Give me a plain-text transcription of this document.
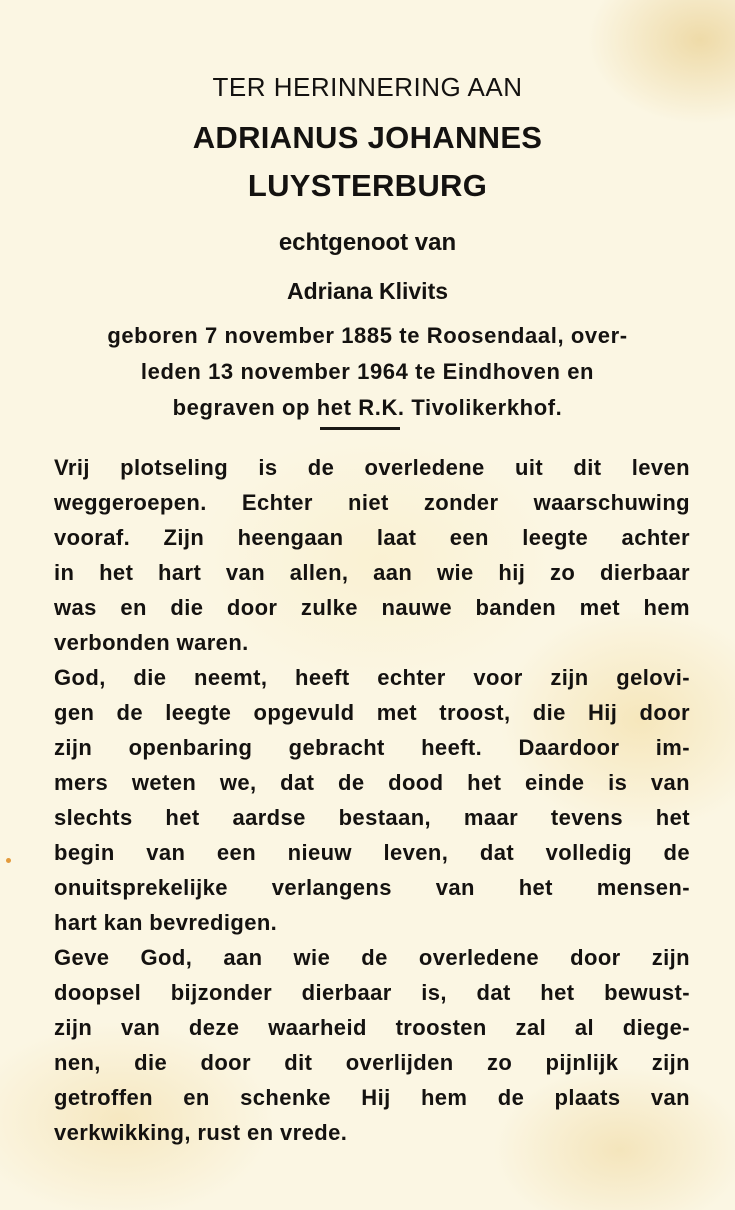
TER HERINNERING AAN

ADRIANUS JOHANNES

LUYSTERBURG

echtgenoot van

Adriana Klivits

geboren 7 november 1885 te Roosendaal, over-
leden 13 november 1964 te Eindhoven en
begraven op het R.K. Tivolikerkhof.

Vrij plotseling is de overledene uit dit leven
weggeroepen. Echter niet zonder waarschuwing
vooraf. Zijn heengaan laat een leegte achter
in het hart van allen, aan wie hij zo dierbaar
was en die door zulke nauwe banden met hem
verbonden waren.

God, die neemt, heeft echter voor zijn gelovi-
gen de leegte opgevuld met troost, die Hij door
zijn openbaring gebracht heeft. Daardoor im-
mers weten we, dat de dood het einde is van
slechts het aardse bestaan, maar tevens het
begin van een nieuw leven, dat volledig de
onuitsprekelijke verlangens van het mensen-
hart kan bevredigen.

Geve God, aan wie de overledene door zijn
doopsel bijzonder dierbaar is, dat het bewust-
zijn van deze waarheid troosten zal al diege-
nen, die door dit overlijden zo pijnlijk zijn
getroffen en schenke Hij hem de plaats van
verkwikking, rust en vrede.
